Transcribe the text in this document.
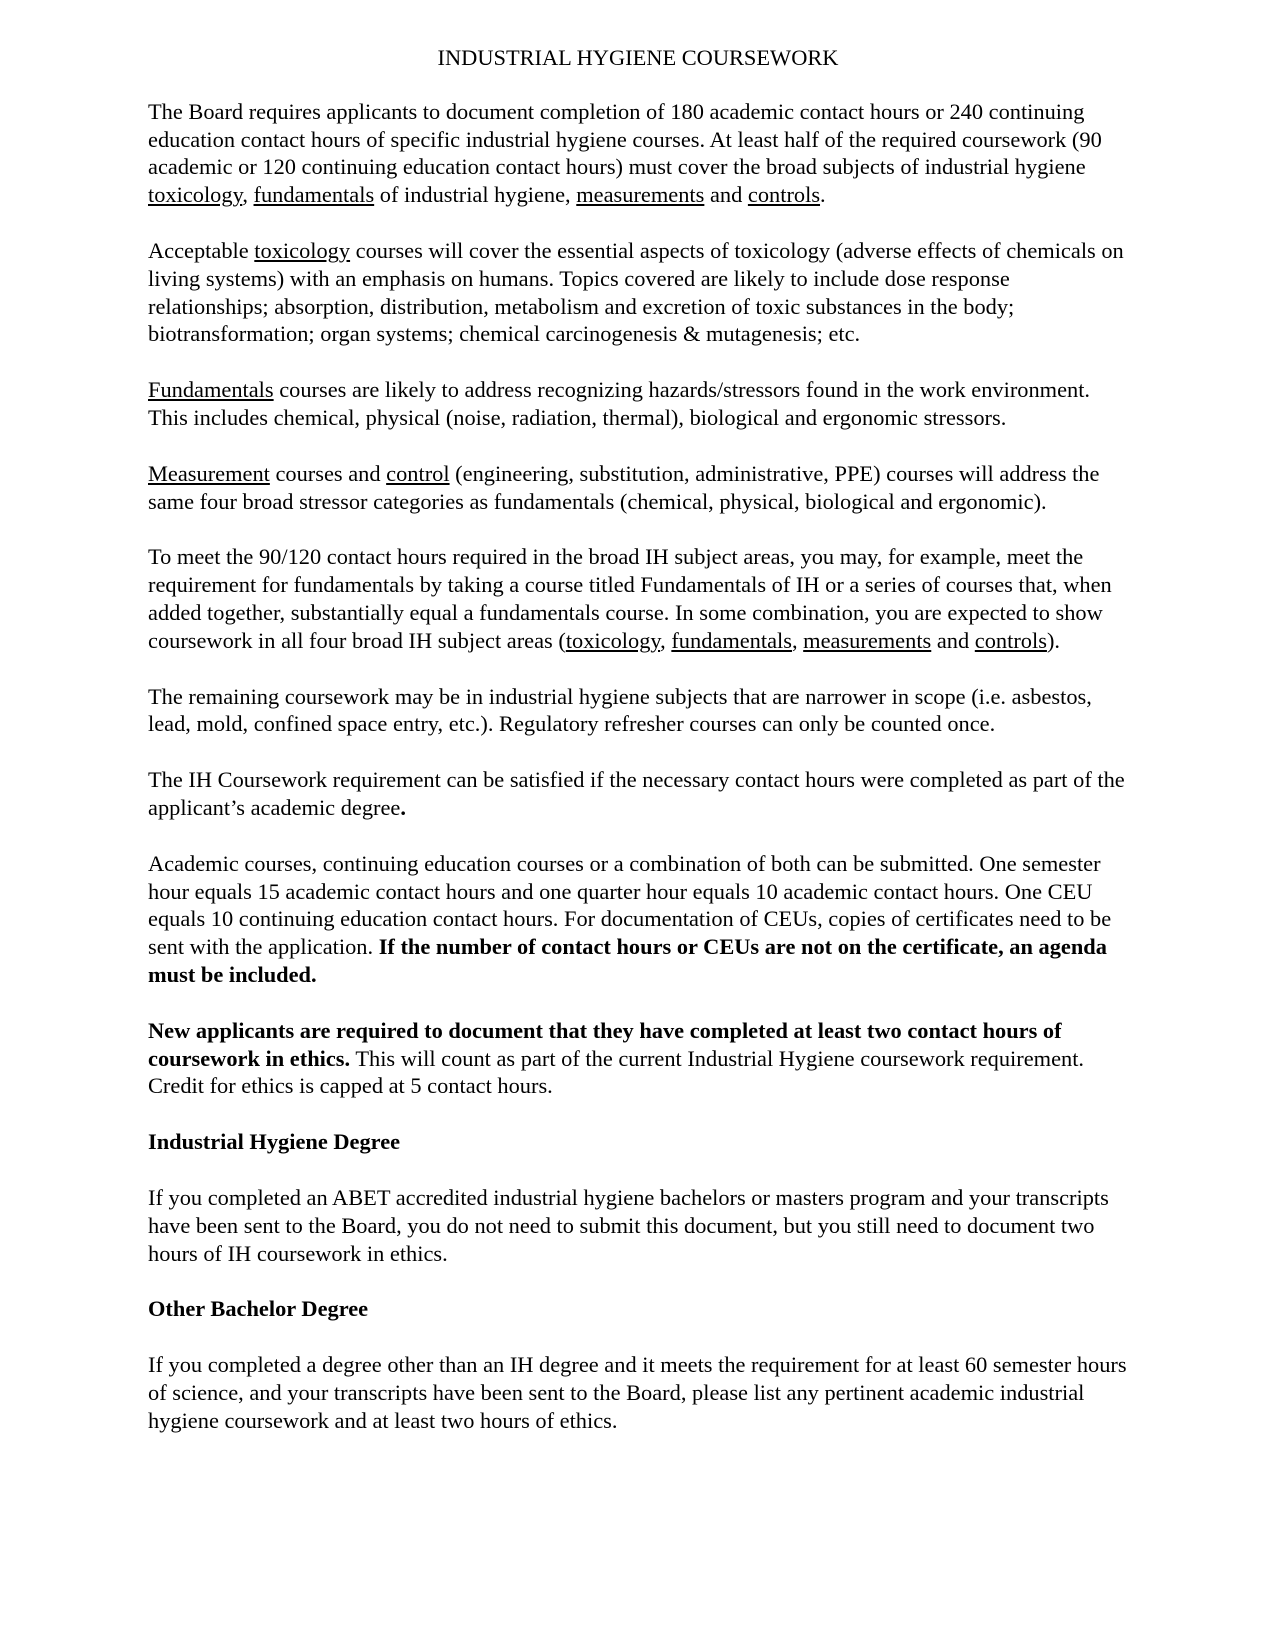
INDUSTRIAL HYGIENE COURSEWORK

The Board requires applicants to document completion of 180 academic contact hours or 240 continuing education contact hours of specific industrial hygiene courses. At least half of the required coursework (90 academic or 120 continuing education contact hours) must cover the broad subjects of industrial hygiene toxicology, fundamentals of industrial hygiene, measurements and controls.

Acceptable toxicology courses will cover the essential aspects of toxicology (adverse effects of chemicals on living systems) with an emphasis on humans. Topics covered are likely to include dose response relationships; absorption, distribution, metabolism and excretion of toxic substances in the body; biotransformation; organ systems; chemical carcinogenesis & mutagenesis; etc.

Fundamentals courses are likely to address recognizing hazards/stressors found in the work environment. This includes chemical, physical (noise, radiation, thermal), biological and ergonomic stressors.

Measurement courses and control (engineering, substitution, administrative, PPE) courses will address the same four broad stressor categories as fundamentals (chemical, physical, biological and ergonomic).

To meet the 90/120 contact hours required in the broad IH subject areas, you may, for example, meet the requirement for fundamentals by taking a course titled Fundamentals of IH or a series of courses that, when added together, substantially equal a fundamentals course. In some combination, you are expected to show coursework in all four broad IH subject areas (toxicology, fundamentals, measurements and controls).

The remaining coursework may be in industrial hygiene subjects that are narrower in scope (i.e. asbestos, lead, mold, confined space entry, etc.). Regulatory refresher courses can only be counted once.

The IH Coursework requirement can be satisfied if the necessary contact hours were completed as part of the applicant’s academic degree.

Academic courses, continuing education courses or a combination of both can be submitted. One semester hour equals 15 academic contact hours and one quarter hour equals 10 academic contact hours. One CEU equals 10 continuing education contact hours. For documentation of CEUs, copies of certificates need to be sent with the application. If the number of contact hours or CEUs are not on the certificate, an agenda must be included.

New applicants are required to document that they have completed at least two contact hours of coursework in ethics. This will count as part of the current Industrial Hygiene coursework requirement. Credit for ethics is capped at 5 contact hours.

Industrial Hygiene Degree

If you completed an ABET accredited industrial hygiene bachelors or masters program and your transcripts have been sent to the Board, you do not need to submit this document, but you still need to document two hours of IH coursework in ethics.

Other Bachelor Degree

If you completed a degree other than an IH degree and it meets the requirement for at least 60 semester hours of science, and your transcripts have been sent to the Board, please list any pertinent academic industrial hygiene coursework and at least two hours of ethics.
